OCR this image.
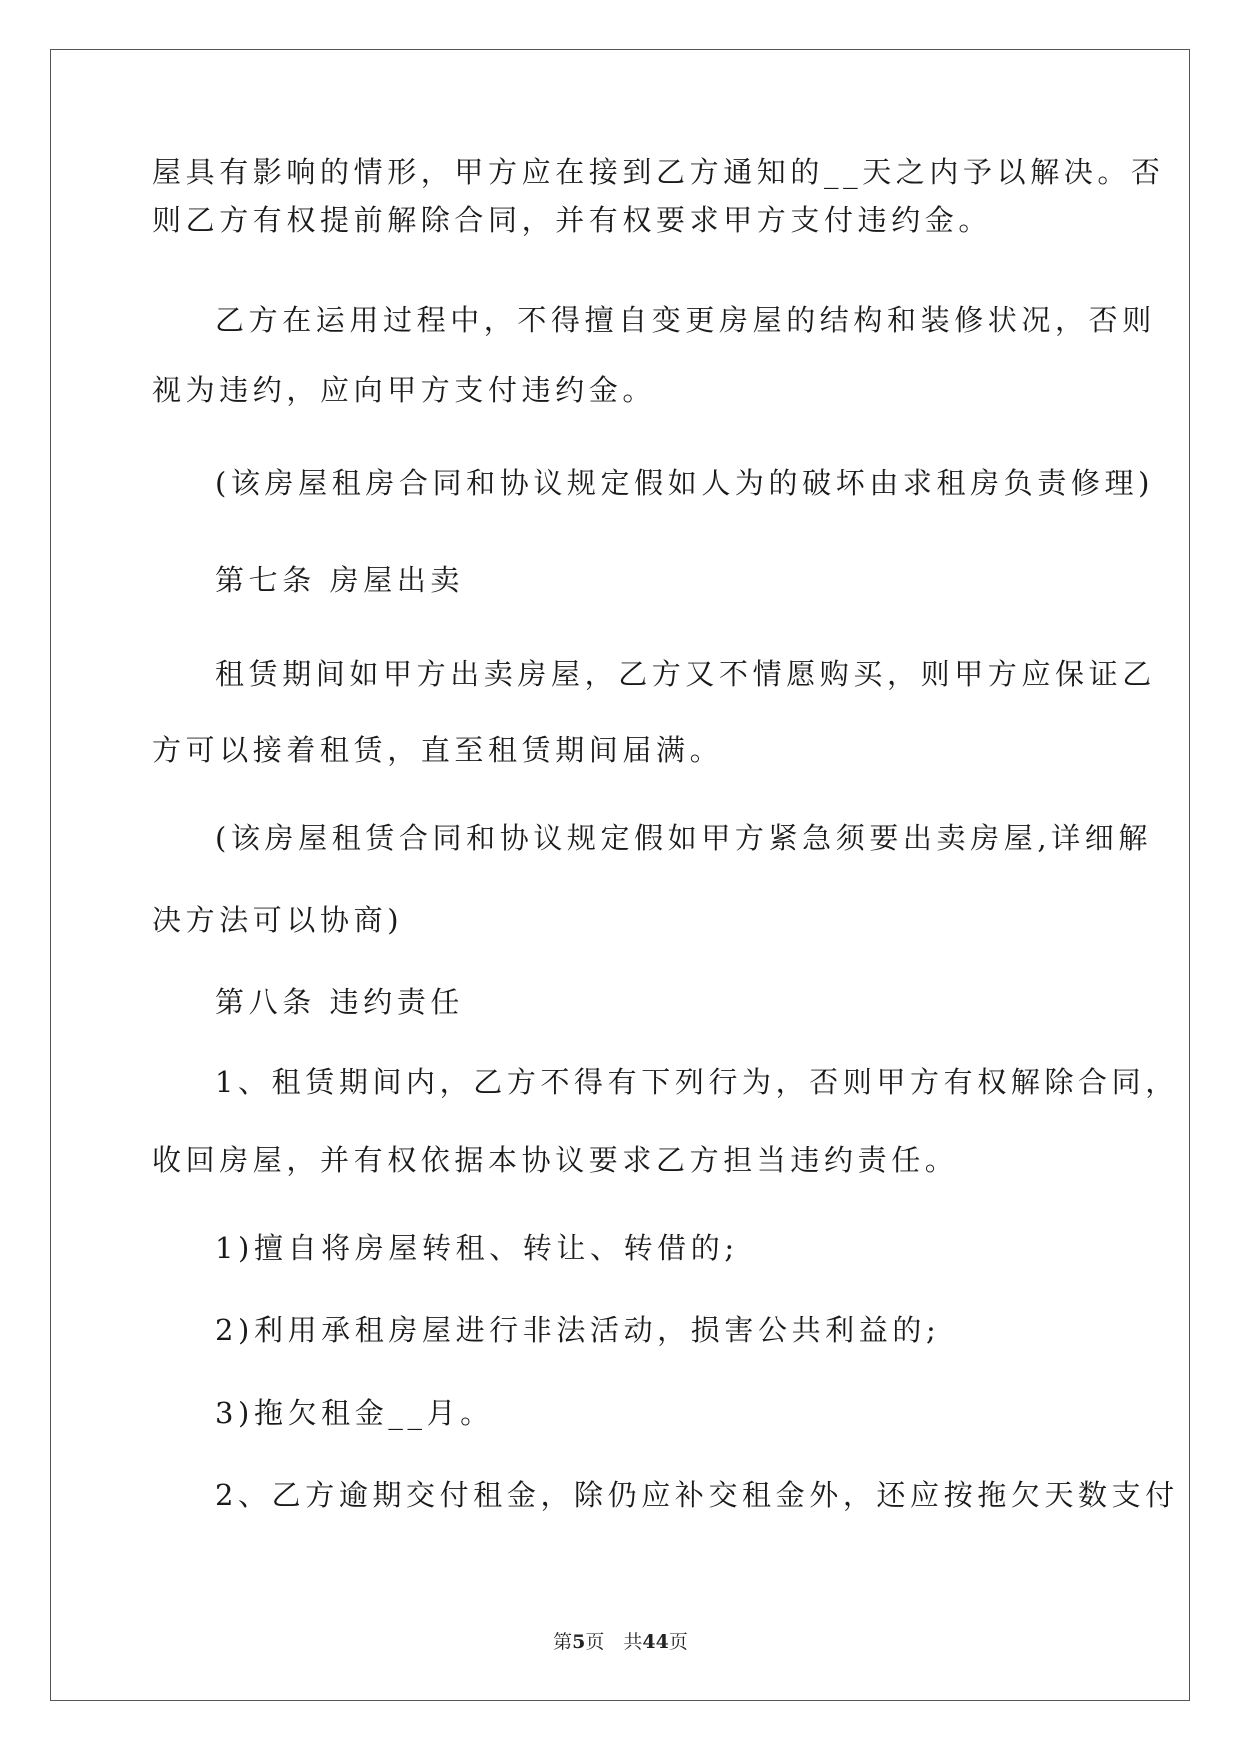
屋具有影响的情形，甲方应在接到乙方通知的__天之内予以解决。否
则乙方有权提前解除合同，并有权要求甲方支付违约金。
乙方在运用过程中，不得擅自变更房屋的结构和装修状况，否则
视为违约，应向甲方支付违约金。
(该房屋租房合同和协议规定假如人为的破坏由求租房负责修理)
第七条 房屋出卖
租赁期间如甲方出卖房屋，乙方又不情愿购买，则甲方应保证乙
方可以接着租赁，直至租赁期间届满。
(该房屋租赁合同和协议规定假如甲方紧急须要出卖房屋,详细解
决方法可以协商)
第八条 违约责任
1、租赁期间内，乙方不得有下列行为，否则甲方有权解除合同，
收回房屋，并有权依据本协议要求乙方担当违约责任。
1)擅自将房屋转租、转让、转借的;
2)利用承租房屋进行非法活动，损害公共利益的;
3)拖欠租金__月。
2、乙方逾期交付租金，除仍应补交租金外，还应按拖欠天数支付
第5页　共44页
